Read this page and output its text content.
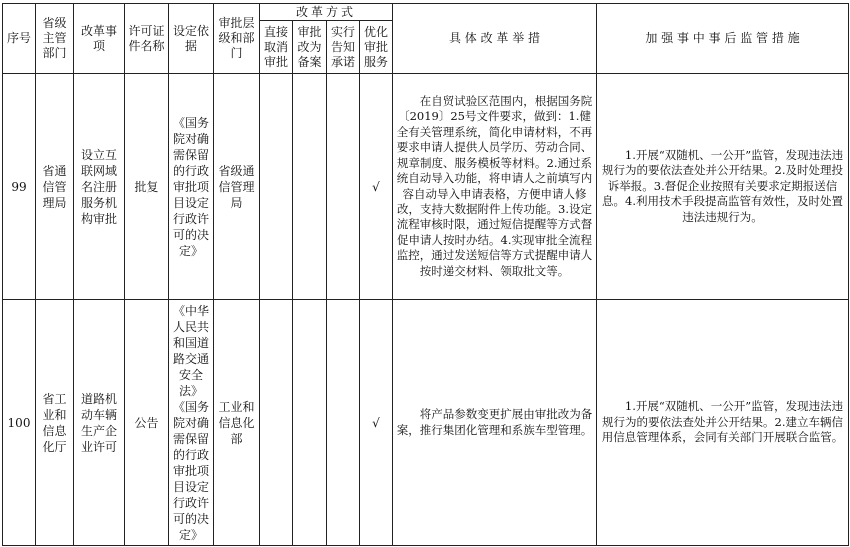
序号	省级主管部门	改革事项	许可证件名称	设定依据	审批层级和部门	改革方式				具 体 改 革 举 措	加 强 事 中 事 后 监 管 措 施
						直接取消审批	审批改为备案	实行告知承诺	优化审批服务		
99	省通信管理局	设立互联网域名注册服务机构审批	批复	《国务院对确需保留的行政审批项目设定行政许可的决定》	省级通信管理局				√	在自贸试验区范围内，根据国务院〔2019〕25号文件要求，做到：1.健全有关管理系统，简化申请材料，不再要求申请人提供人员学历、劳动合同、规章制度、服务模板等材料。2.通过系统自动导入功能，将申请人之前填写内容自动导入申请表格，方便申请人修改，支持大数据附件上传功能。3.设定流程审核时限，通过短信提醒等方式督促申请人按时办结。4.实现审批全流程监控，通过发送短信等方式提醒申请人按时递交材料、领取批文等。	1.开展“双随机、一公开”监管，发现违法违规行为的要依法查处并公开结果。2.及时处理投诉举报。3.督促企业按照有关要求定期报送信息。4.利用技术手段提高监管有效性，及时处置违法违规行为。

100	省工业和信息化厅	道路机动车辆生产企业许可	公告	《中华人民共和国道路交通安全法》《国务院对确需保留的行政审批项目设定行政许可的决定》	工业和信息化部				√	将产品参数变更扩展由审批改为备案，推行集团化管理和系族车型管理。	1.开展“双随机、一公开”监管，发现违法违规行为的要依法查处并公开结果。2.建立车辆信用信息管理体系，会同有关部门开展联合监管。
